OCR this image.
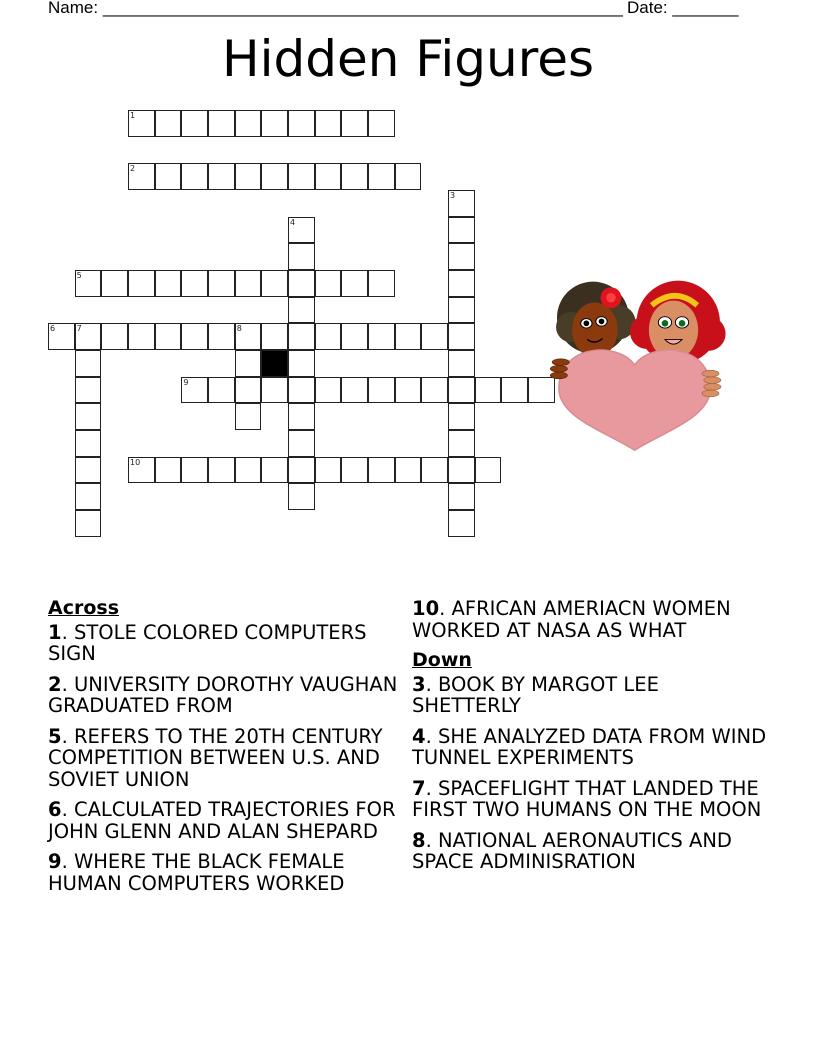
Name: _______________________________________________________ Date: _______
Hidden Figures
1
2
3
4
5
6	7	8
9
10
Across
1. STOLE COLORED COMPUTERS SIGN
2. UNIVERSITY DOROTHY VAUGHAN GRADUATED FROM
5. REFERS TO THE 20TH CENTURY COMPETITION BETWEEN U.S. AND SOVIET UNION
6. CALCULATED TRAJECTORIES FOR JOHN GLENN AND ALAN SHEPARD
9. WHERE THE BLACK FEMALE HUMAN COMPUTERS WORKED
10. AFRICAN AMERIACN WOMEN WORKED AT NASA AS WHAT
Down
3. BOOK BY MARGOT LEE SHETTERLY
4. SHE ANALYZED DATA FROM WIND TUNNEL EXPERIMENTS
7. SPACEFLIGHT THAT LANDED THE FIRST TWO HUMANS ON THE MOON
8. NATIONAL AERONAUTICS AND SPACE ADMINISRATION
